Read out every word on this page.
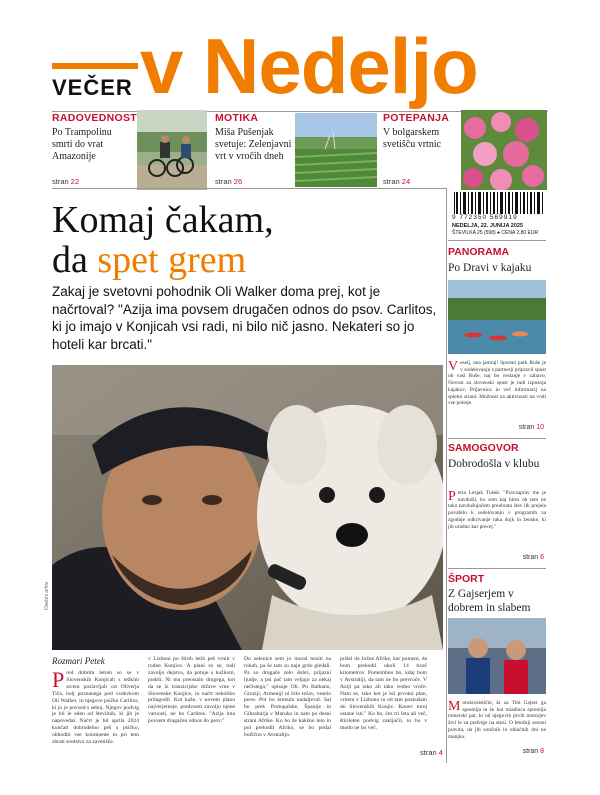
VEČER v Nedeljo
RADOVEDNOST

Po Trampolinu smrti do vrat Amazonije

stran 22
MOTIKA

Miša Pušenjak svetuje: Zelenjavni vrt v vročih dneh

stran 26
POTEPANJA

V bolgarskem svetišču vrtnic

stran 24
9 772350 569919
NEDELJA, 22. JUNIJA 2025
ŠTEVILKA 25 (598) ● CENA 2,80 EUR
Komaj čakam,
da spet grem
Zakaj je svetovni pohodnik Oli Walker doma prej, kot je načrtoval? "Azija ima povsem drugačen odnos do psov. Carlitos, ki jo imajo v Konjicah vsi radi, ni bilo nič jasno. Nekateri so jo hoteli kar brcati."
Osebni arhiv
Rozmari Petek
Pred dobrim letom so se v Slovenskih Konjicah s težkim srcem poslavljali od Oliverja Tiča, bolj poznanega pod vzdevkom Oli Walker, in njegove psičke Carlitos, ki jo je povsod s seboj. Njegov podvig je bil le eden od številnih, ki jih je napovedal. Načrt je bil aprila 2024 končati dobrodelno peš s psičko, obhoditi vse kontinente in pri tem zbrati sredstva za zavetišče.
v Lizboni po štirih letih peš vrniti v rodne Konjice. A plani so se, tudi zavoljo dejstva, da potuje s kužkom, podrli. Ni mu preostalo drugega, kot da se iz tranzicijske države vrne v Slovenske Konjice, in načrt nekoliko prilagodil. Kot kaže, v novem planu najverjetneje, predvsem zavoljo njene varnosti, ne bo Carlitos. "Azija ima povsem drugačen odnos do psov."
Do zelenice sem jo moral nositi na rokah, pa še tam so naju grdo gledali. Pa so drugače zelo dobri, prijazni ljudje, a psi pač tam veljajo za nekaj nečistega," opisuje Oli. Po Balkanu, Gruziji, Armeniji ni bilo težav, veselo pove. Pot bo krenula nadaljeval. Sal bo prek Portugalske, Španije in Gibraltarja v Maroko in nato po desni strani Afrike. Ko bo že kakšno leto in pol prehodil Afriko, se bo podal božično v Avstralijo.
prišel do Južne Afrike, kar pomeni, da bom prehodil okoli 14 tisoč kilometrov. Pomembno bo, kdaj bom v Avstraliji, da tam ne bo prevroče. V Aziji pa tako ali tako vedno vroče. Nato se, tako kot je bil prvotni plan, vrnem v Lizbono in od tam poskušam do Slovenskih Konjic. Konec torej ostane isti." Ko bo, čez tri leta ali več, štirileten podvig zaključil, to bo v modo ne bo več.
stran 4
PANORAMA
Po Dravi v kajaku
Veselj, nea jamraj! Sportni park Ruše je v sodelovanju s partnerji pripravil spust ob vasi Ruše, naj bo veslanje v zabavo. Novost za slovenski spust je tudi izposoja kajakov. Prijavnica in več informacij na spletni strani. Možnost za aktivnosti na vodi vse poletje.
stran 10
SAMOGOVOR
Dobrodošla v klubu
Petra Lesjak Tušek: "Pravzaprav me je navdušil, ko sem kaj hitro ob tem ne tako navdušujočem preobratu štev ilk prejela povabilo k sodelovanju v programih za zgodnje odkrivanje raka dojk in ženske, ki jih uradno kar precej."
stran 6
ŠPORT
Z Gajserjem v dobrem in slabem
Motokrosistični, ki za Tim Gajser ga spremlja in že kot mladinca spremlja trenerski par, ki od njegovih prvih motorjev živi le za podvige na stezi. O letošnji sezoni pravita, da jih sončnih in oblačnih dni ne manjka.
stran 8
